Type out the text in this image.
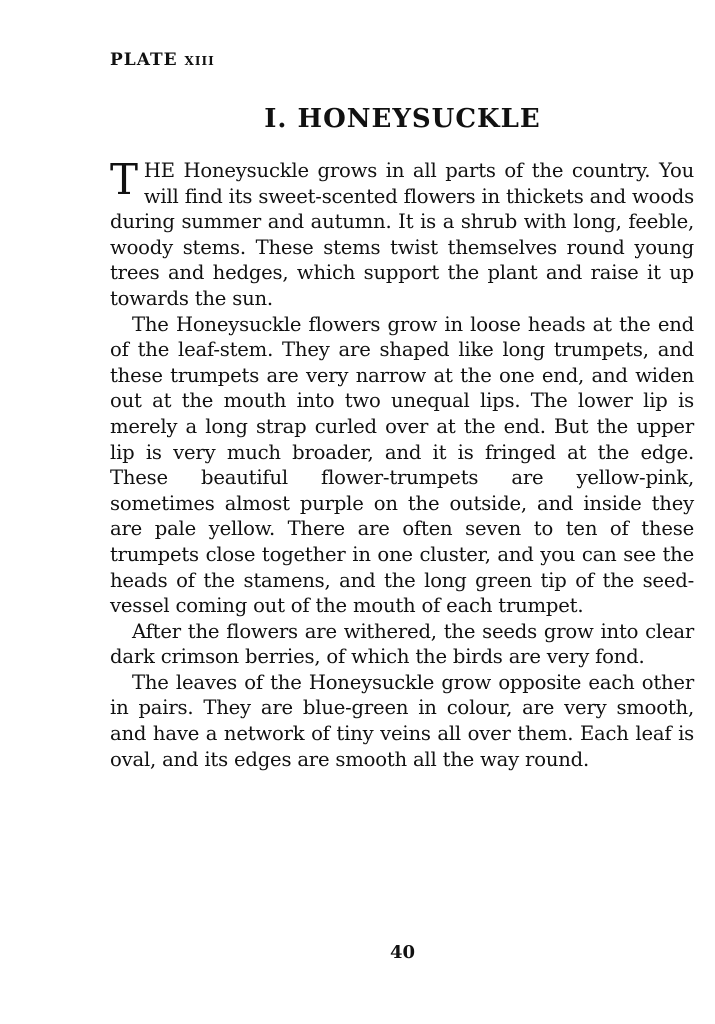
PLATE xiii
I. HONEYSUCKLE

THE Honeysuckle grows in all parts of the country. You will find its sweet-scented flowers in thickets and woods during summer and autumn. It is a shrub with long, feeble, woody stems. These stems twist themselves round young trees and hedges, which support the plant and raise it up towards the sun.

The Honeysuckle flowers grow in loose heads at the end of the leaf-stem. They are shaped like long trumpets, and these trumpets are very narrow at the one end, and widen out at the mouth into two unequal lips. The lower lip is merely a long strap curled over at the end. But the upper lip is very much broader, and it is fringed at the edge. These beautiful flower-trumpets are yellow-pink, sometimes almost purple on the outside, and inside they are pale yellow. There are often seven to ten of these trumpets close together in one cluster, and you can see the heads of the stamens, and the long green tip of the seed-vessel coming out of the mouth of each trumpet.

After the flowers are withered, the seeds grow into clear dark crimson berries, of which the birds are very fond.

The leaves of the Honeysuckle grow opposite each other in pairs. They are blue-green in colour, are very smooth, and have a network of tiny veins all over them. Each leaf is oval, and its edges are smooth all the way round.

40
